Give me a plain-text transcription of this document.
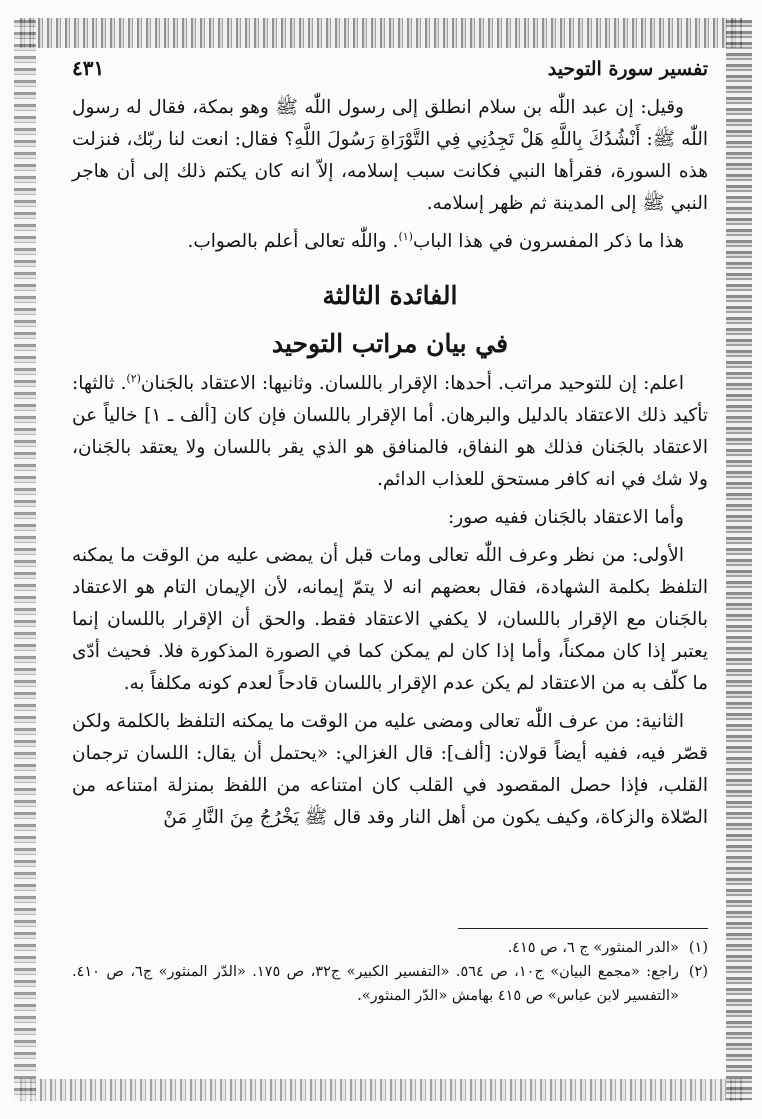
تفسير سورة التوحيد
٤٣١

وقيل: إن عبد اللّٰه بن سلام انطلق إلى رسول اللّٰه ﷺ وهو بمكة، فقال له رسول اللّٰه ﷺ: أَنْشُدُكَ بِاللَّهِ هَلْ تَجِدُنِي فِي التَّوْرَاةِ رَسُولَ اللَّهِ؟ فقال: انعت لنا ربّك، فنزلت هذه السورة، فقرأها النبي فكانت سبب إسلامه، إلاّ انه كان يكتم ذلك إلى أن هاجر النبي ﷺ إلى المدينة ثم ظهر إسلامه.

هذا ما ذكر المفسرون في هذا الباب$^{(١)}$. واللّٰه تعالى أعلم بالصواب.

الفائدة الثالثة
في بيان مراتب التوحيد

اعلم: إن للتوحيد مراتب. أحدها: الإقرار باللسان. وثانيها: الاعتقاد بالجَنان$^{(٢)}$. ثالثها: تأكيد ذلك الاعتقاد بالدليل والبرهان. أما الإقرار باللسان فإن كان [ألف ـ ١] خالياً عن الاعتقاد بالجَنان فذلك هو النفاق، فالمنافق هو الذي يقر باللسان ولا يعتقد بالجَنان، ولا شك في انه كافر مستحق للعذاب الدائم.

وأما الاعتقاد بالجَنان ففيه صور:

الأولى: من نظر وعرف اللّٰه تعالى ومات قبل أن يمضى عليه من الوقت ما يمكنه التلفظ بكلمة الشهادة، فقال بعضهم انه لا يتمّ إيمانه، لأن الإيمان التام هو الاعتقاد بالجَنان مع الإقرار باللسان، لا يكفي الاعتقاد فقط. والحق أن الإقرار باللسان إنما يعتبر إذا كان ممكناً، وأما إذا كان لم يمكن كما في الصورة المذكورة فلا. فحيث أدّى ما كلّف به من الاعتقاد لم يكن عدم الإقرار باللسان قادحاً لعدم كونه مكلفاً به.

الثانية: من عرف اللّٰه تعالى ومضى عليه من الوقت ما يمكنه التلفظ بالكلمة ولكن قصّر فيه، ففيه أيضاً قولان: [ألف]: قال الغزالي: «يحتمل أن يقال: اللسان ترجمان القلب، فإذا حصل المقصود في القلب كان امتناعه من اللفظ بمنزلة امتناعه من الصّلاة والزكاة، وكيف يكون من أهل النار وقد قال ﷺ يَخْرُجُ مِنَ النَّارِ مَنْ

(١)
«الدر المنثور» ج ٦، ص ٤١٥.

(٢)
راجع: «مجمع البيان» ج١٠، ص ٥٦٤. «التفسير الكبير» ج٣٢، ص ١٧٥. «الدّر المنثور» ج٦، ص ٤١٠. «التفسير لابن عباس» ص ٤١٥ بهامش «الدّر المنثور».
